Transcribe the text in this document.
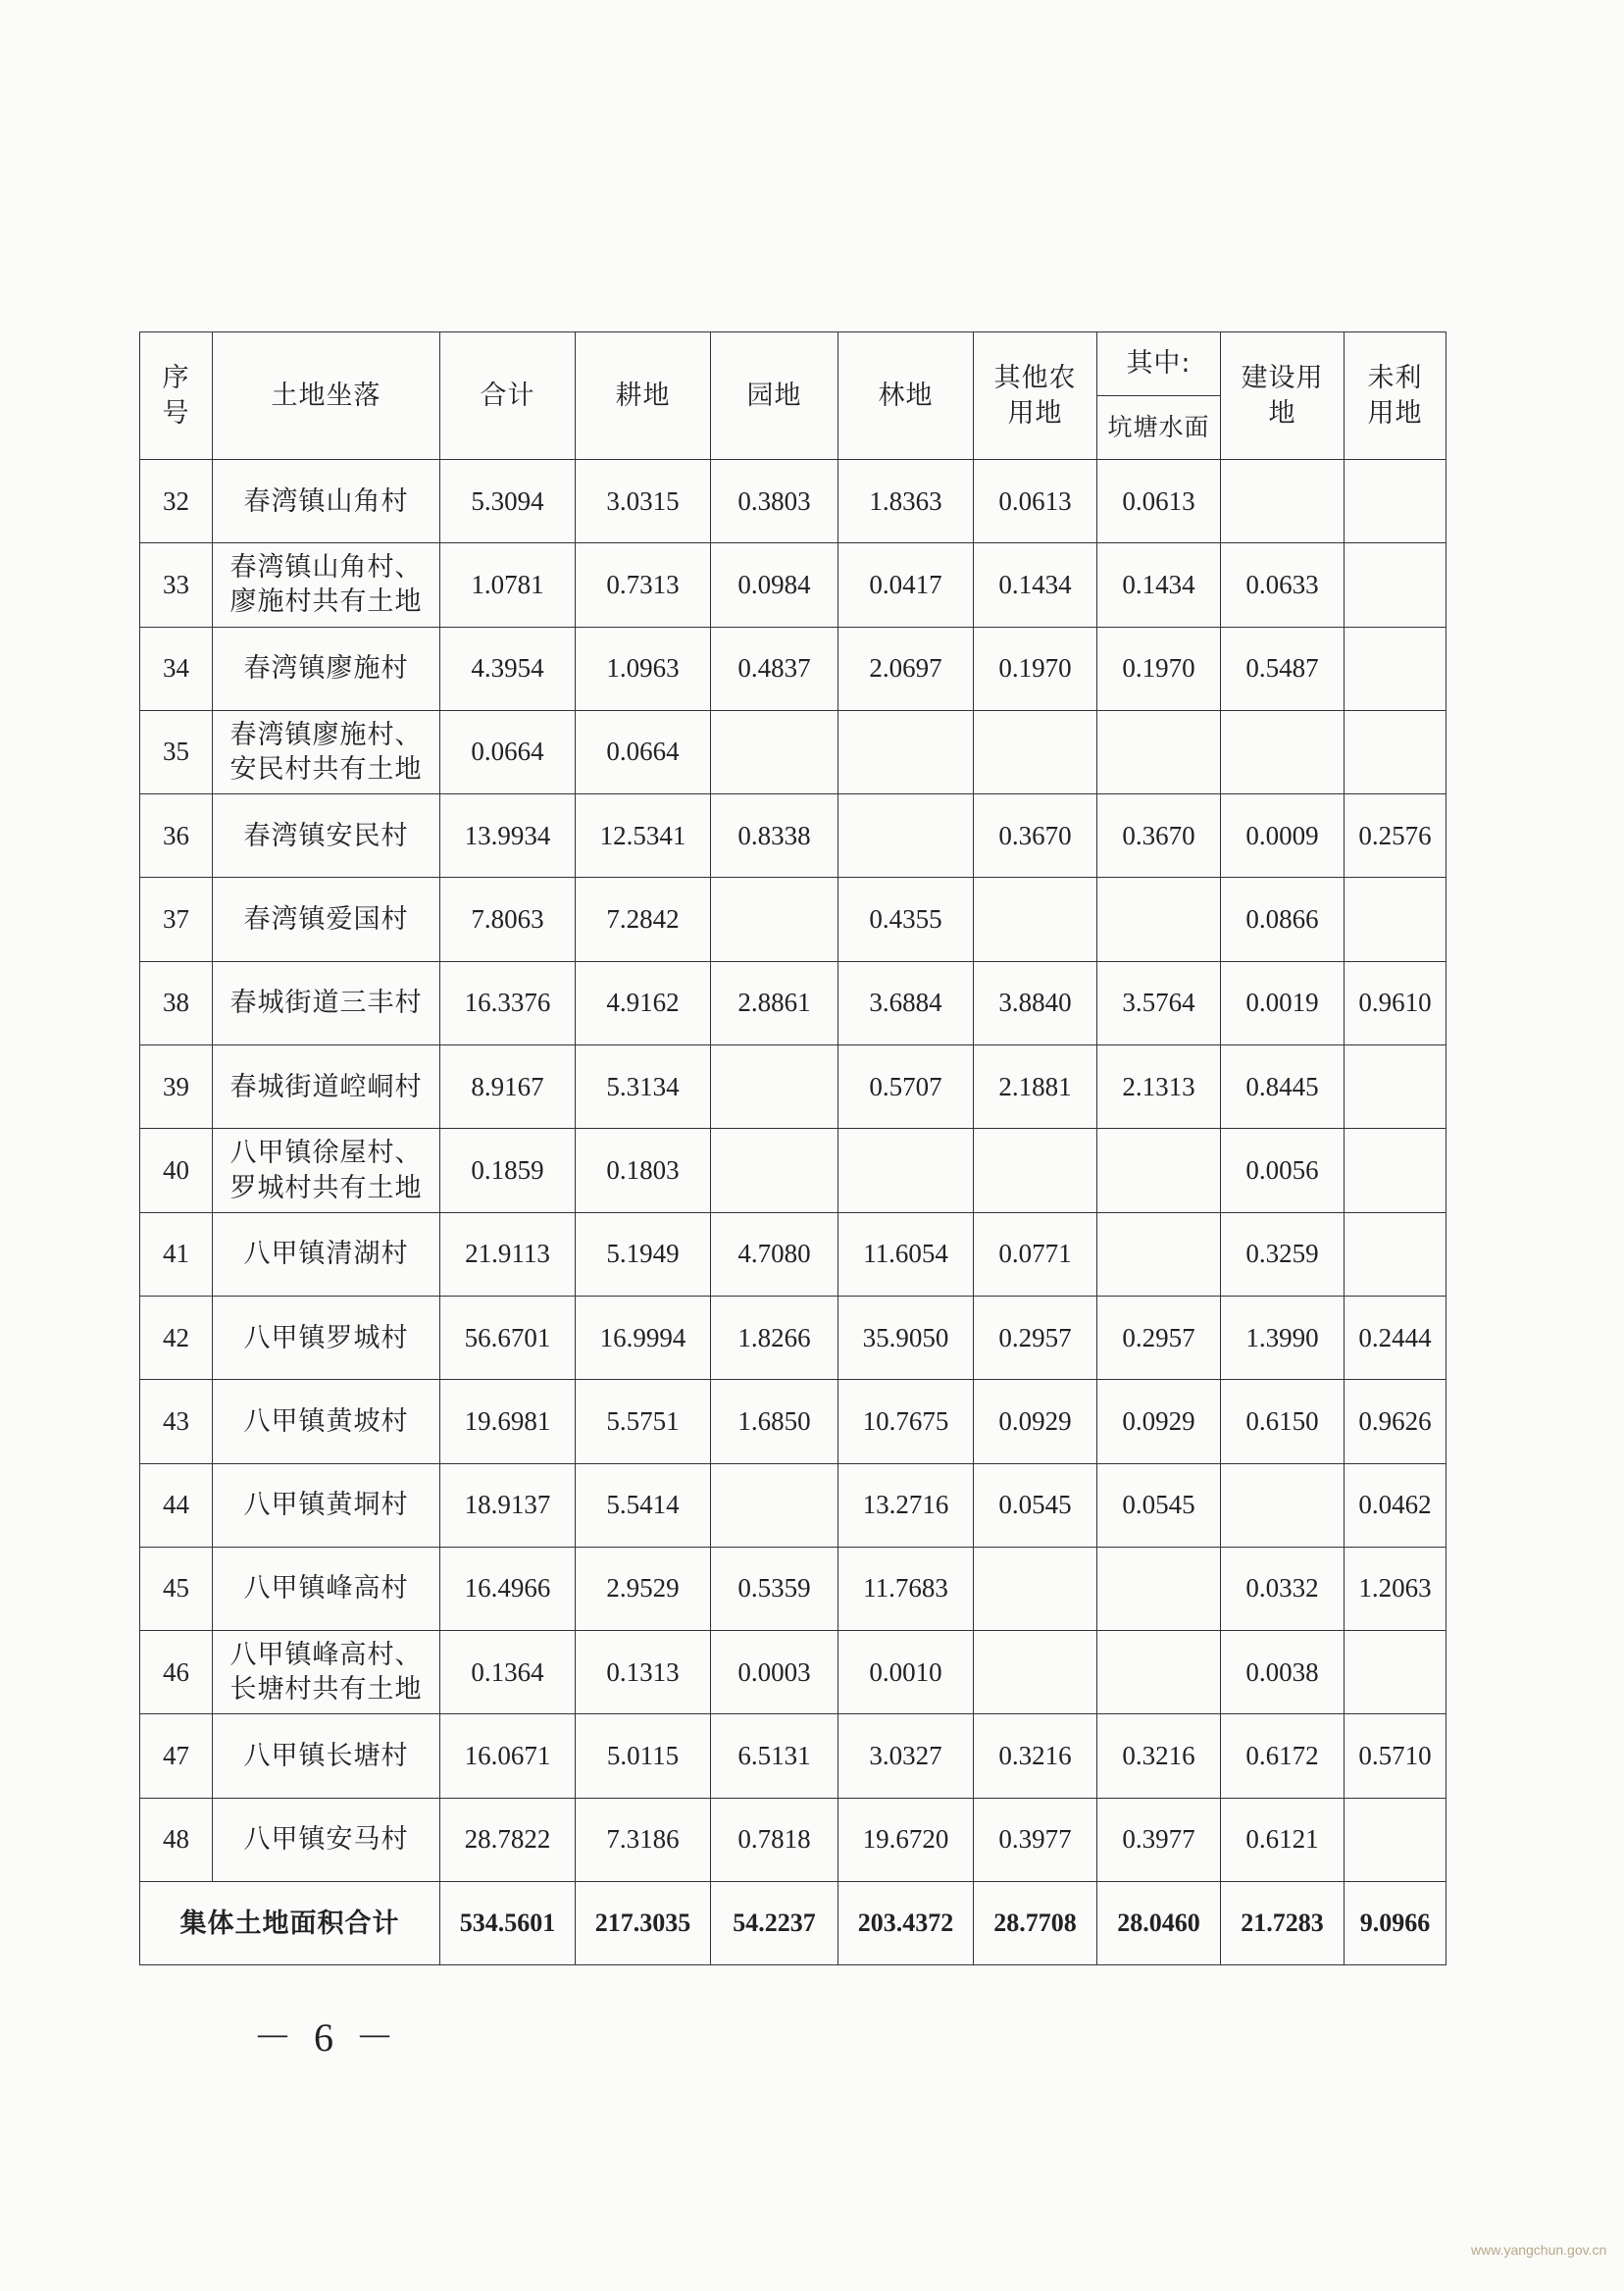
序号	土地坐落	合计	耕地	园地	林地	其他农用地	其中:	建设用地	未利用地
							坑塘水面		
32	春湾镇山角村	5.3094	3.0315	0.3803	1.8363	0.0613	0.0613		
33	春湾镇山角村、廖施村共有土地	1.0781	0.7313	0.0984	0.0417	0.1434	0.1434	0.0633	
34	春湾镇廖施村	4.3954	1.0963	0.4837	2.0697	0.1970	0.1970	0.5487	
35	春湾镇廖施村、安民村共有土地	0.0664	0.0664						
36	春湾镇安民村	13.9934	12.5341	0.8338		0.3670	0.3670	0.0009	0.2576
37	春湾镇爱国村	7.8063	7.2842		0.4355			0.0866	
38	春城街道三丰村	16.3376	4.9162	2.8861	3.6884	3.8840	3.5764	0.0019	0.9610
39	春城街道崆峒村	8.9167	5.3134		0.5707	2.1881	2.1313	0.8445	
40	八甲镇徐屋村、罗城村共有土地	0.1859	0.1803					0.0056	
41	八甲镇清湖村	21.9113	5.1949	4.7080	11.6054	0.0771		0.3259	
42	八甲镇罗城村	56.6701	16.9994	1.8266	35.9050	0.2957	0.2957	1.3990	0.2444
43	八甲镇黄坡村	19.6981	5.5751	1.6850	10.7675	0.0929	0.0929	0.6150	0.9626
44	八甲镇黄垌村	18.9137	5.5414		13.2716	0.0545	0.0545		0.0462
45	八甲镇峰高村	16.4966	2.9529	0.5359	11.7683			0.0332	1.2063
46	八甲镇峰高村、长塘村共有土地	0.1364	0.1313	0.0003	0.0010			0.0038	
47	八甲镇长塘村	16.0671	5.0115	6.5131	3.0327	0.3216	0.3216	0.6172	0.5710
48	八甲镇安马村	28.7822	7.3186	0.7818	19.6720	0.3977	0.3977	0.6121	
集体土地面积合计		534.5601	217.3035	54.2237	203.4372	28.7708	28.0460	21.7283	9.0966
－ 6 －
www.yangchun.gov.cn
